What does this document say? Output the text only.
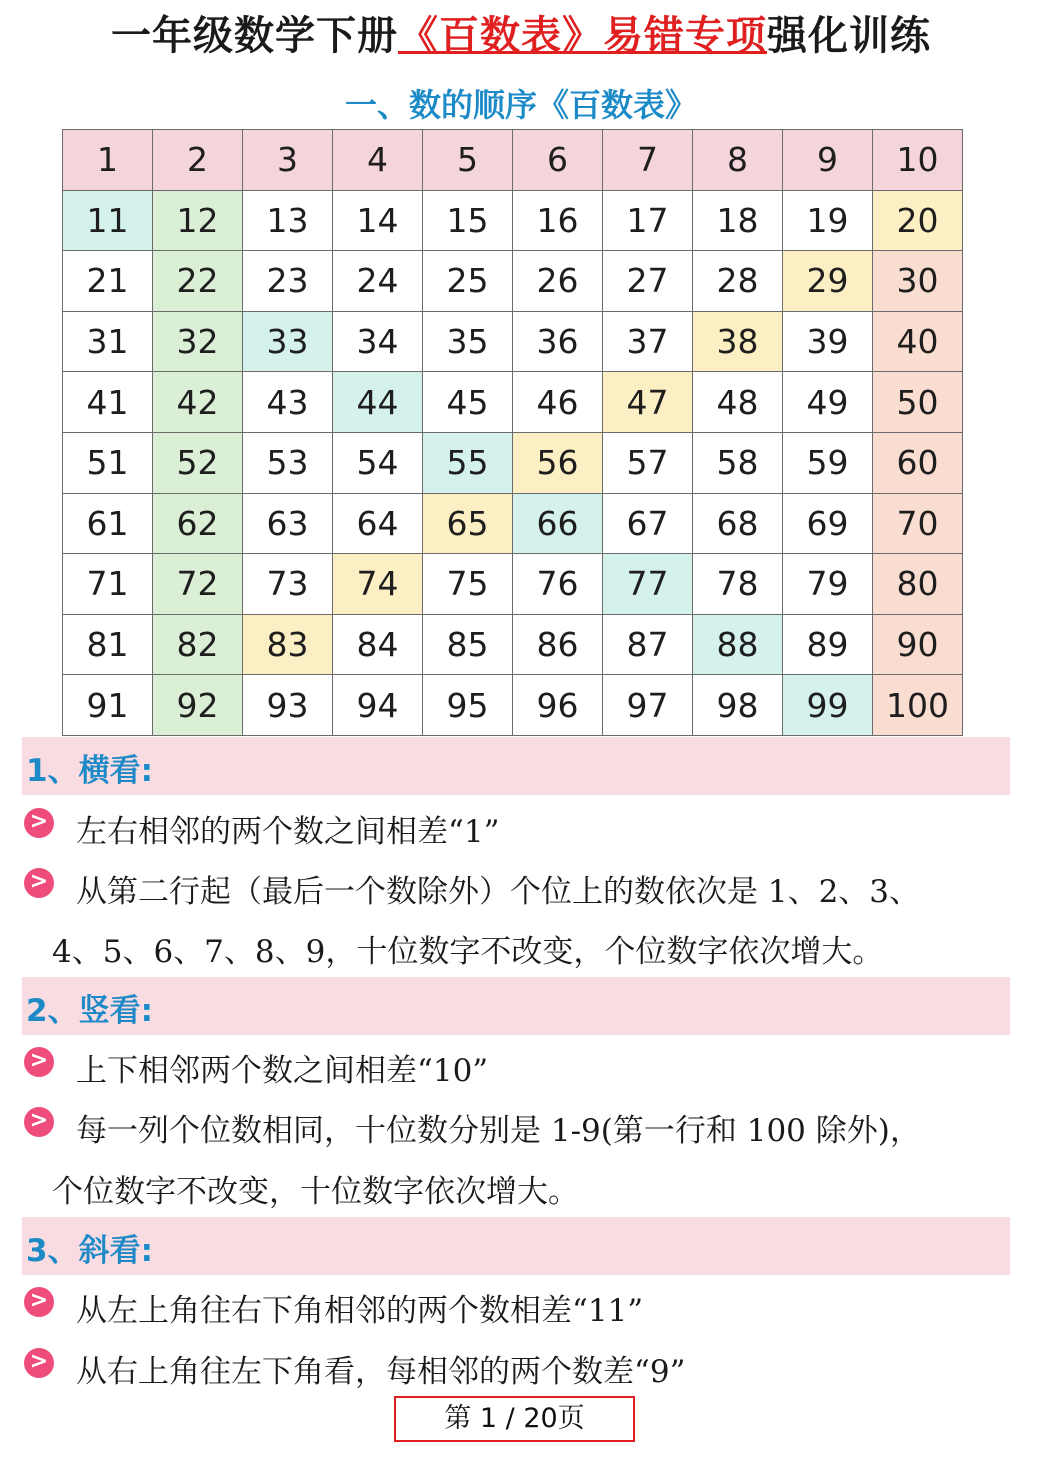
一年级数学下册《百数表》易错专项强化训练
一、数的顺序《百数表》
1	2	3	4	5	6	7	8	9	10
11	12	13	14	15	16	17	18	19	20
21	22	23	24	25	26	27	28	29	30
31	32	33	34	35	36	37	38	39	40
41	42	43	44	45	46	47	48	49	50
51	52	53	54	55	56	57	58	59	60
61	62	63	64	65	66	67	68	69	70
71	72	73	74	75	76	77	78	79	80
81	82	83	84	85	86	87	88	89	90
91	92	93	94	95	96	97	98	99	100
1、横看:
> 左右相邻的两个数之间相差“1”
> 从第二行起（最后一个数除外）个位上的数依次是 1、2、3、
4、5、6、7、8、9，十位数字不改变，个位数字依次增大。
2、竖看:
> 上下相邻两个数之间相差“10”
> 每一列个位数相同，十位数分别是 1-9(第一行和 100 除外)，
个位数字不改变，十位数字依次增大。
3、斜看:
> 从左上角往右下角相邻的两个数相差“11”
> 从右上角往左下角看，每相邻的两个数差“9”
第 1 / 20页
